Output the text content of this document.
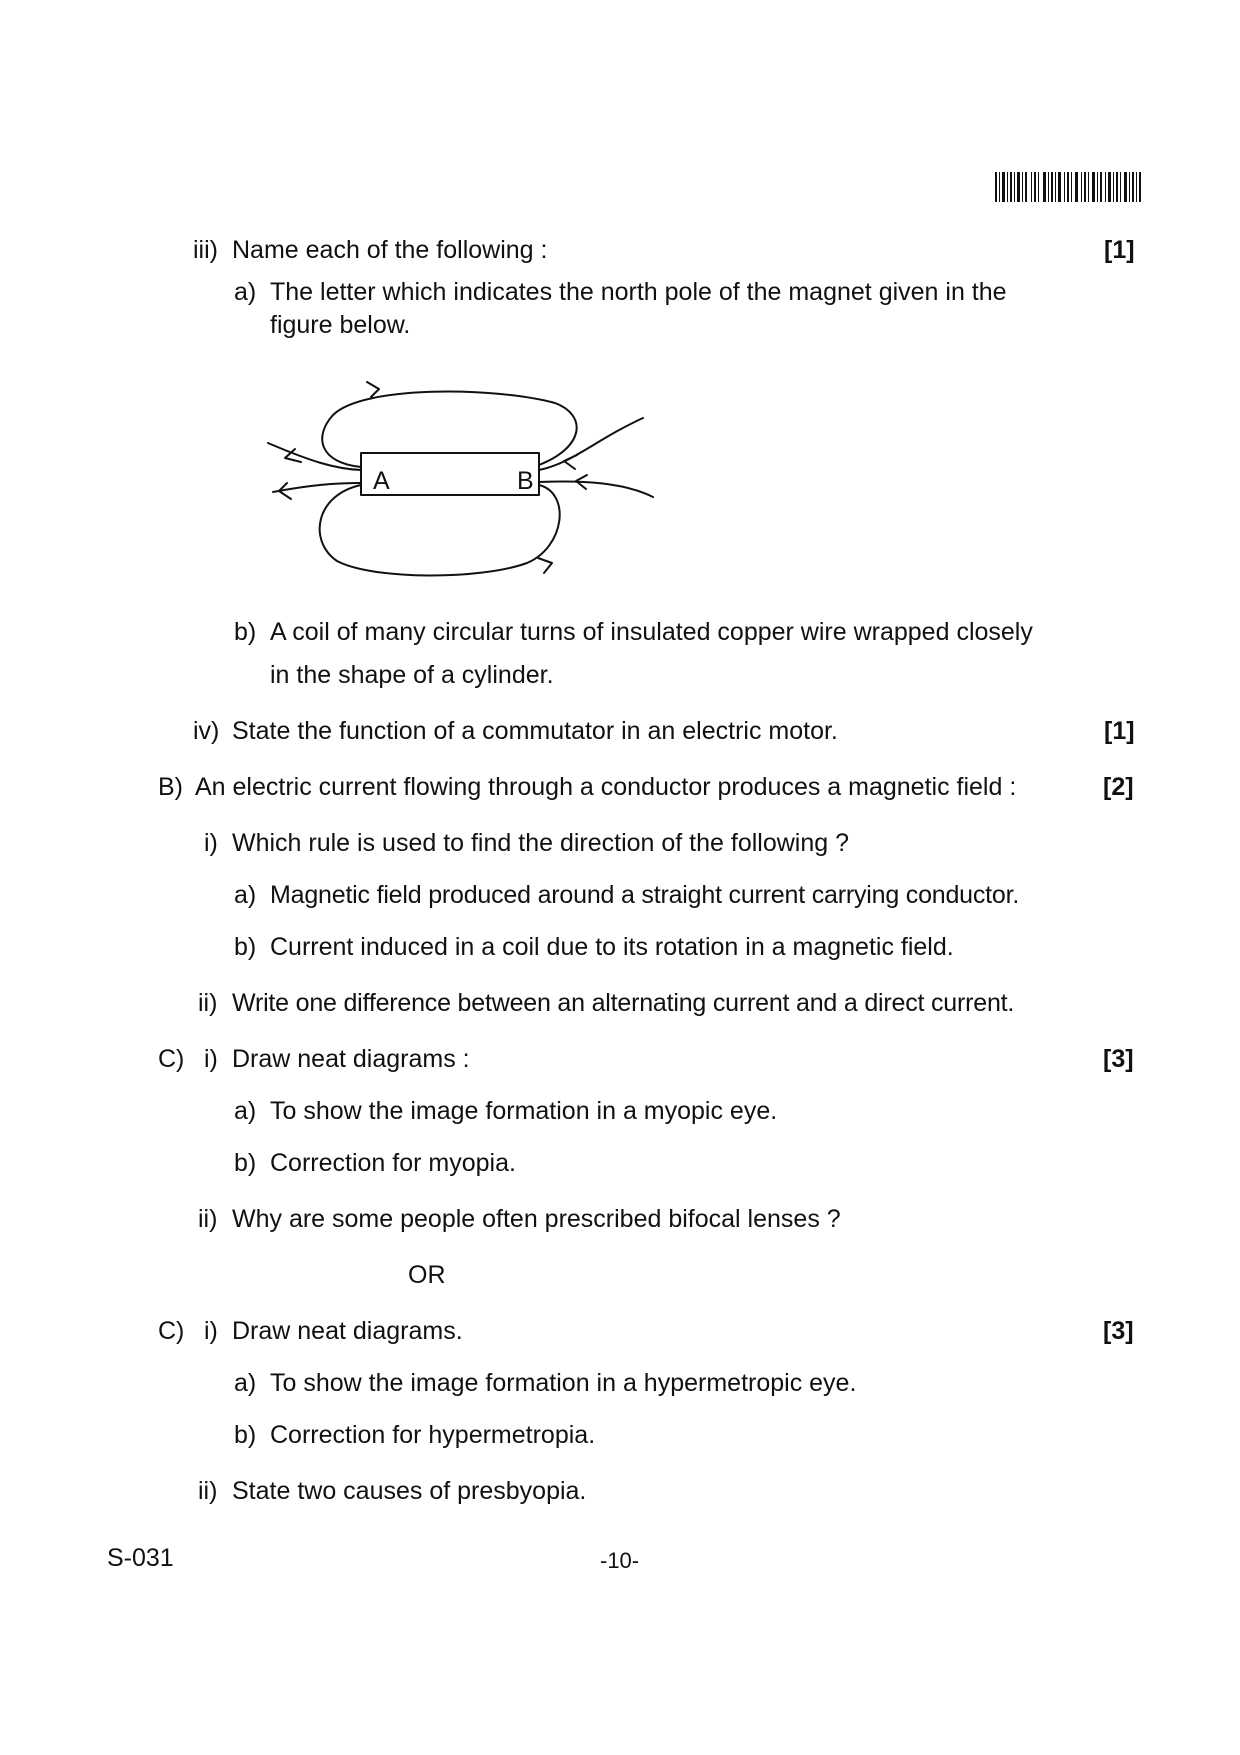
iii) Name each of the following :	[1]
a) The letter which indicates the north pole of the magnet given in the
figure below.
A	B
b) A coil of many circular turns of insulated copper wire wrapped closely
in the shape of a cylinder.
iv) State the function of a commutator in an electric motor.	[1]
B) An electric current flowing through a conductor produces a magnetic field :	[2]
i) Which rule is used to find the direction of the following ?
a) Magnetic field produced around a straight current carrying conductor.
b) Current induced in a coil due to its rotation in a magnetic field.
ii) Write one difference between an alternating current and a direct current.
C) i) Draw neat diagrams :	[3]
a) To show the image formation in a myopic eye.
b) Correction for myopia.
ii) Why are some people often prescribed bifocal lenses ?
OR
C) i) Draw neat diagrams.	[3]
a) To show the image formation in a hypermetropic eye.
b) Correction for hypermetropia.
ii) State two causes of presbyopia.
S-031	-10-
